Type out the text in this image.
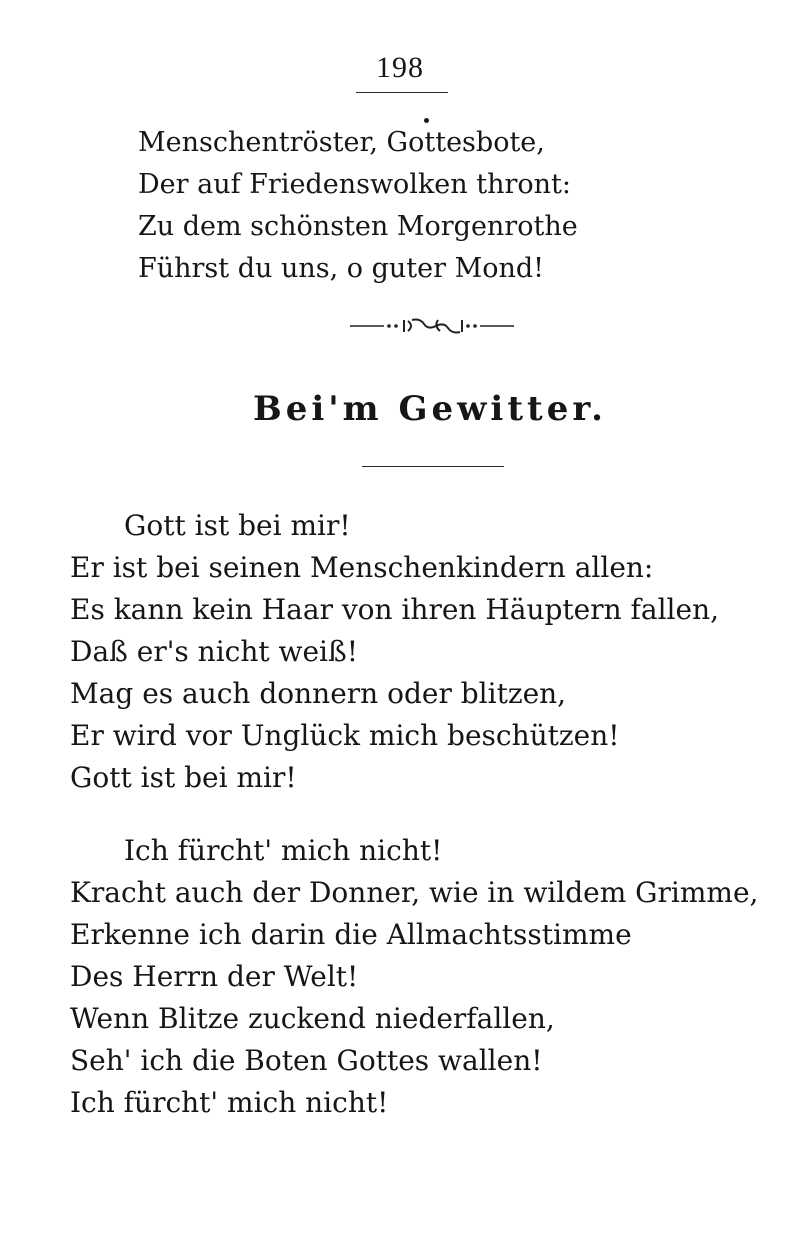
198
Menschentröster, Gottesbote,
Der auf Friedenswolken thront:
Zu dem schönsten Morgenrothe
Führst du uns, o guter Mond!
Bei'm Gewitter.
Gott ist bei mir!
Er ist bei seinen Menschenkindern allen:
Es kann kein Haar von ihren Häuptern fallen,
Daß er's nicht weiß!
Mag es auch donnern oder blitzen,
Er wird vor Unglück mich beschützen!
Gott ist bei mir!
Ich fürcht' mich nicht!
Kracht auch der Donner, wie in wildem Grimme,
Erkenne ich darin die Allmachtsstimme
Des Herrn der Welt!
Wenn Blitze zuckend niederfallen,
Seh' ich die Boten Gottes wallen!
Ich fürcht' mich nicht!
